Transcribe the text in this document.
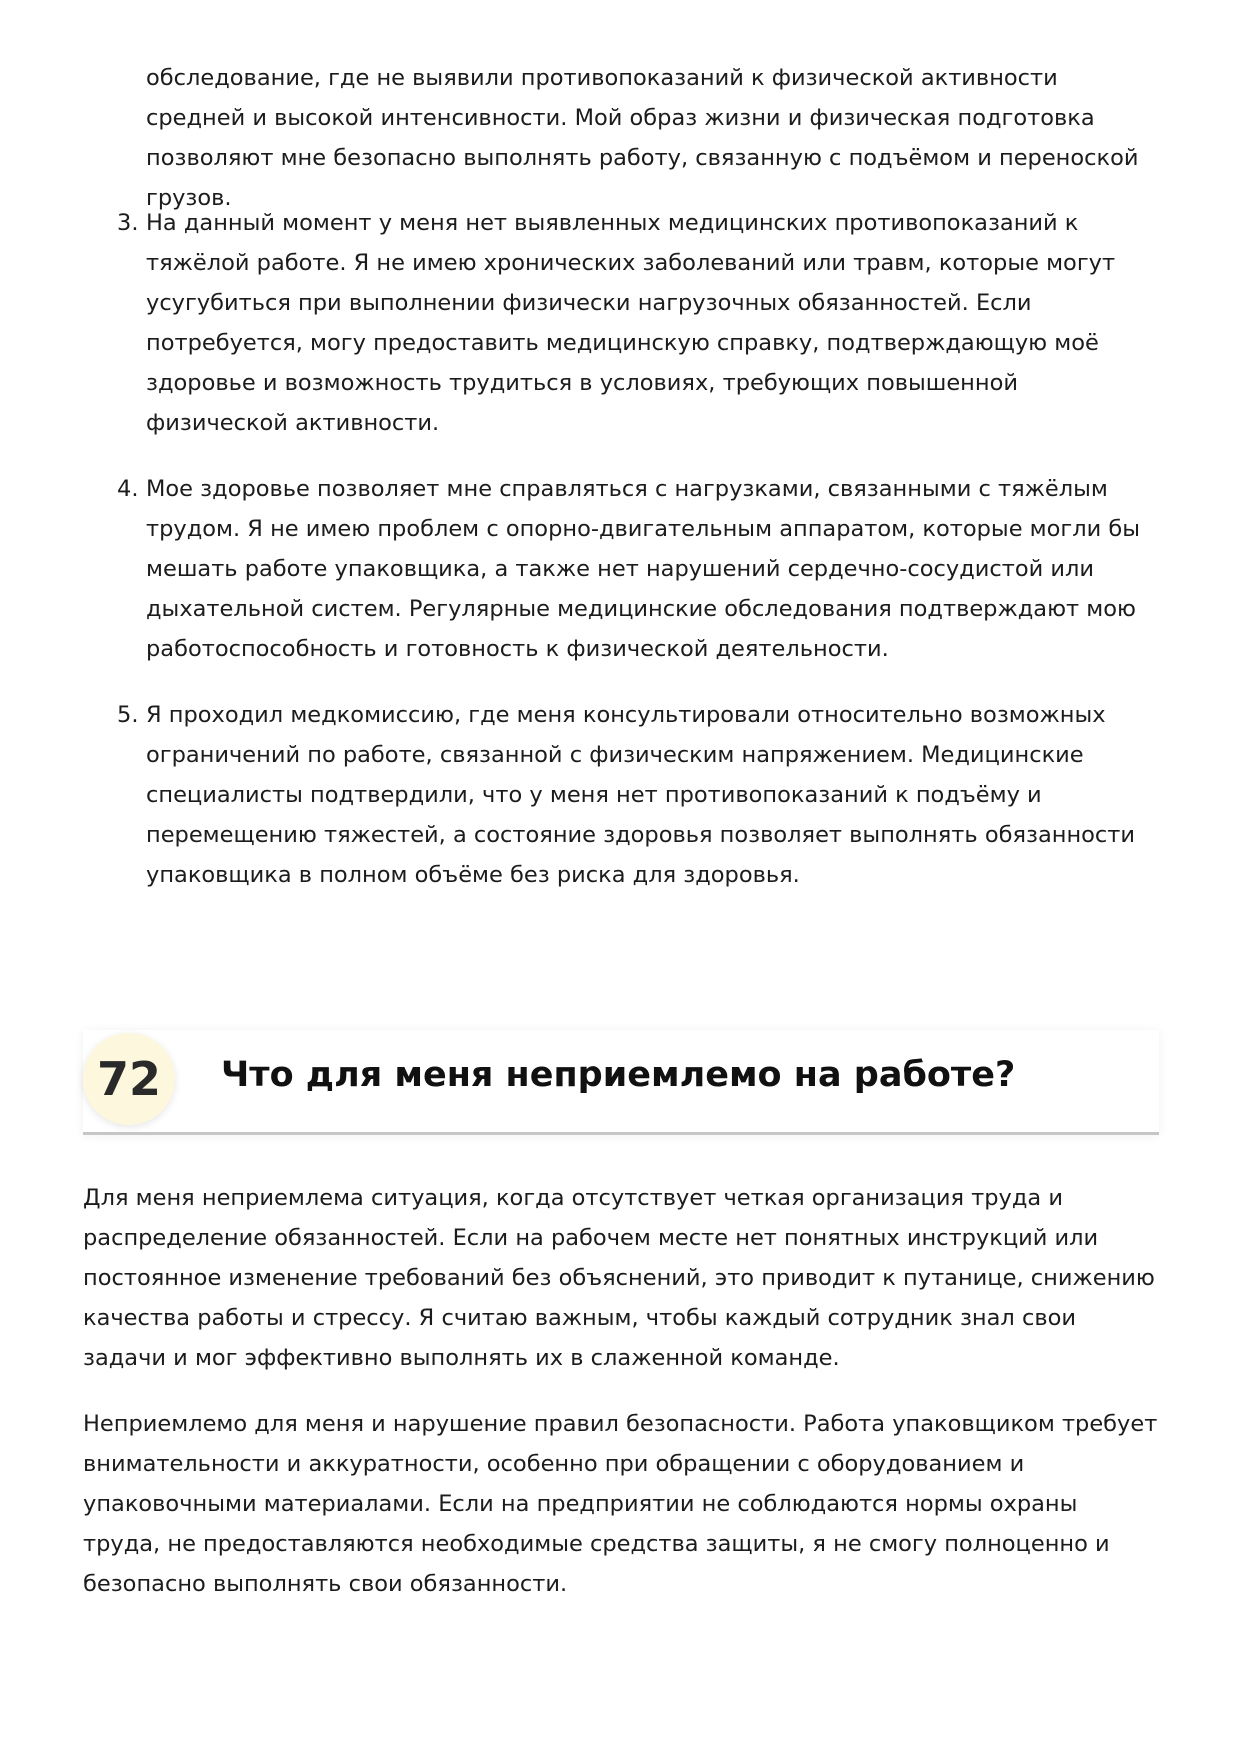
обследование, где не выявили противопоказаний к физической активности средней и высокой интенсивности. Мой образ жизни и физическая подготовка позволяют мне безопасно выполнять работу, связанную с подъёмом и переноской грузов.

3. На данный момент у меня нет выявленных медицинских противопоказаний к тяжёлой работе. Я не имею хронических заболеваний или травм, которые могут усугубиться при выполнении физически нагрузочных обязанностей. Если потребуется, могу предоставить медицинскую справку, подтверждающую моё здоровье и возможность трудиться в условиях, требующих повышенной физической активности.
4. Мое здоровье позволяет мне справляться с нагрузками, связанными с тяжёлым трудом. Я не имею проблем с опорно-двигательным аппаратом, которые могли бы мешать работе упаковщика, а также нет нарушений сердечно-сосудистой или дыхательной систем. Регулярные медицинские обследования подтверждают мою работоспособность и готовность к физической деятельности.
5. Я проходил медкомиссию, где меня консультировали относительно возможных ограничений по работе, связанной с физическим напряжением. Медицинские специалисты подтвердили, что у меня нет противопоказаний к подъёму и перемещению тяжестей, а состояние здоровья позволяет выполнять обязанности упаковщика в полном объёме без риска для здоровья.
72	Что для меня неприемлемо на работе?

Для меня неприемлема ситуация, когда отсутствует четкая организация труда и распределение обязанностей. Если на рабочем месте нет понятных инструкций или постоянное изменение требований без объяснений, это приводит к путанице, снижению качества работы и стрессу. Я считаю важным, чтобы каждый сотрудник знал свои задачи и мог эффективно выполнять их в слаженной команде.

Неприемлемо для меня и нарушение правил безопасности. Работа упаковщиком требует внимательности и аккуратности, особенно при обращении с оборудованием и упаковочными материалами. Если на предприятии не соблюдаются нормы охраны труда, не предоставляются необходимые средства защиты, я не смогу полноценно и безопасно выполнять свои обязанности.
